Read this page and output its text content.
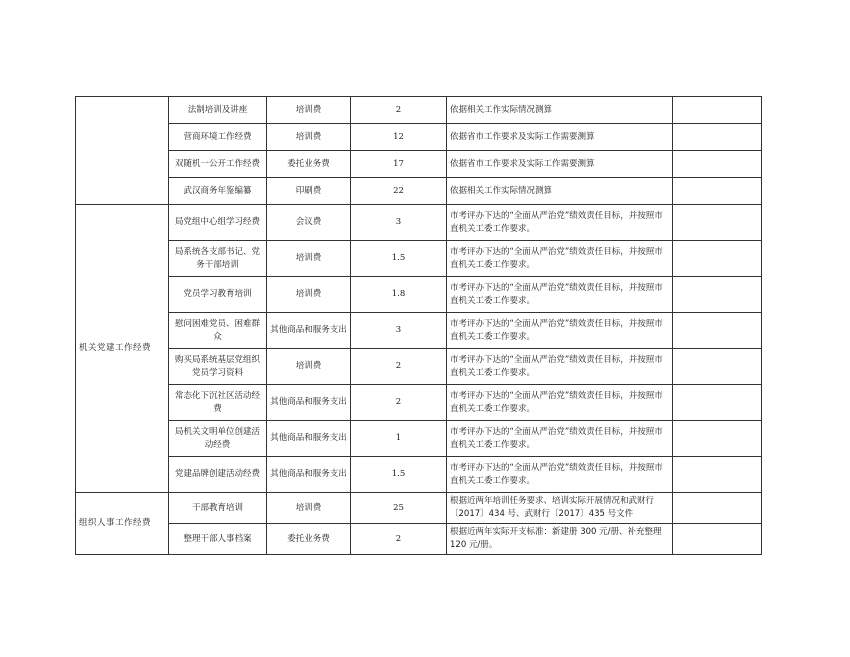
	法制培训及讲座	培训费	2	依据相关工作实际情况测算	
	营商环境工作经费	培训费	12	依据省市工作要求及实际工作需要测算	
	双随机一公开工作经费	委托业务费	17	依据省市工作要求及实际工作需要测算	
	武汉商务年鉴编纂	印刷费	22	依据相关工作实际情况测算	
机关党建工作经费	局党组中心组学习经费	会议费	3	市考评办下达的“全面从严治党”绩效责任目标，并按照市直机关工委工作要求。	
	局系统各支部书记、党务干部培训	培训费	1.5	市考评办下达的“全面从严治党”绩效责任目标，并按照市直机关工委工作要求。	
	党员学习教育培训	培训费	1.8	市考评办下达的“全面从严治党”绩效责任目标，并按照市直机关工委工作要求。	
	慰问困难党员、困难群众	其他商品和服务支出	3	市考评办下达的“全面从严治党”绩效责任目标，并按照市直机关工委工作要求。	
	购买局系统基层党组织党员学习资料	培训费	2	市考评办下达的“全面从严治党”绩效责任目标，并按照市直机关工委工作要求。	
	常态化下沉社区活动经费	其他商品和服务支出	2	市考评办下达的“全面从严治党”绩效责任目标，并按照市直机关工委工作要求。	
	局机关文明单位创建活动经费	其他商品和服务支出	1	市考评办下达的“全面从严治党”绩效责任目标，并按照市直机关工委工作要求。	
	党建品牌创建活动经费	其他商品和服务支出	1.5	市考评办下达的“全面从严治党”绩效责任目标，并按照市直机关工委工作要求。	
组织人事工作经费	干部教育培训	培训费	25	根据近两年培训任务要求、培训实际开展情况和武财行〔2017〕434 号、武财行〔2017〕435 号文件	
	整理干部人事档案	委托业务费	2	根据近两年实际开支标准：新建册 300 元/册、补充整理 120 元/册。	
